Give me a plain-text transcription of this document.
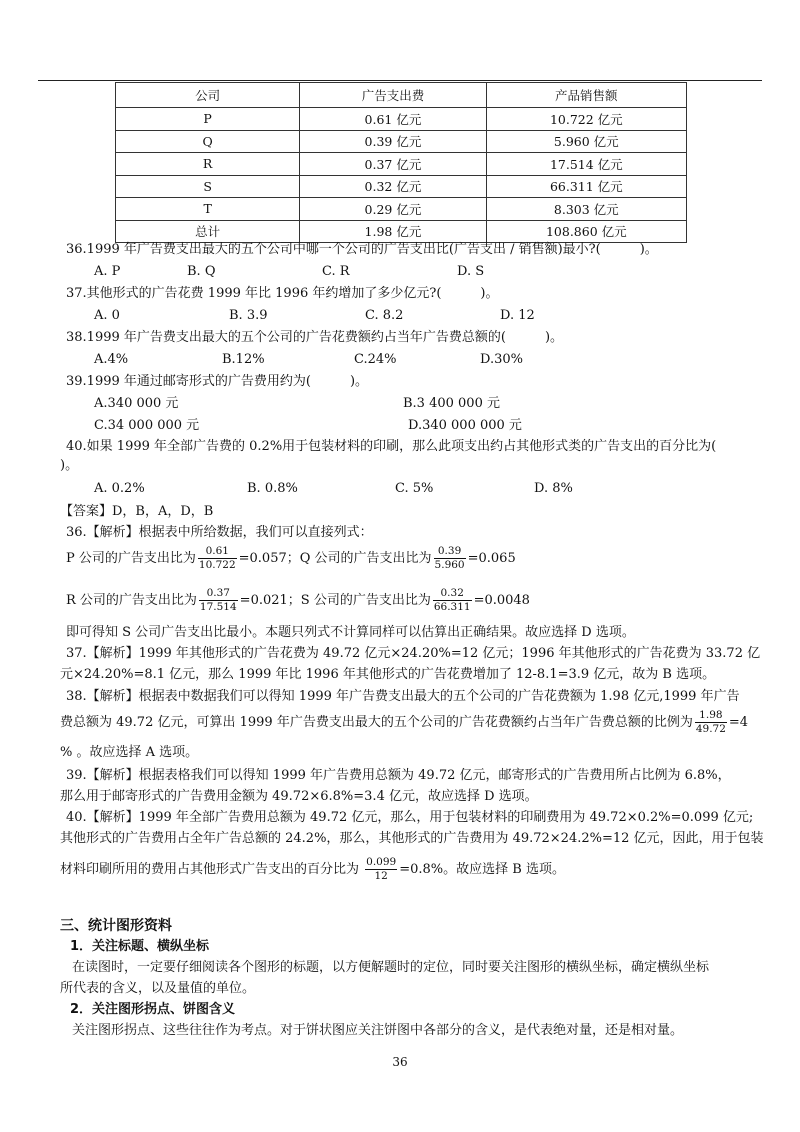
公司	广告支出费	产品销售额
P	0.61 亿元	10.722 亿元
Q	0.39 亿元	5.960 亿元
R	0.37 亿元	17.514 亿元
S	0.32 亿元	66.311 亿元
T	0.29 亿元	8.303 亿元
总计	1.98 亿元	108.860 亿元
36.1999 年广告费支出最大的五个公司中哪一个公司的广告支出比(广告支出 / 销售额)最小?(　　　)。
A. P	B. Q	C. R	D. S
37.其他形式的广告花费 1999 年比 1996 年约增加了多少亿元?(　　　)。
A. 0	B. 3.9	C. 8.2	D. 12
38.1999 年广告费支出最大的五个公司的广告花费额约占当年广告费总额的(　　　)。
A.4%	B.12%	C.24%	D.30%
39.1999 年通过邮寄形式的广告费用约为(　　　)。
A.340 000 元	B.3 400 000 元
C.34 000 000 元	D.340 000 000 元
40.如果 1999 年全部广告费的 0.2%用于包装材料的印刷，那么此项支出约占其他形式类的广告支出的百分比为(
)。
A. 0.2%	B. 0.8%	C. 5%	D. 8%
【答案】D，B，A，D，B
36.【解析】根据表中所给数据，我们可以直接列式：
P 公司的广告支出比为 $\frac{0.61}{10.722} =0.057$；Q 公司的广告支出比为 $\frac{0.39}{5.960} =0.065$
R 公司的广告支出比为 $\frac{0.37}{17.514} =0.021$；S 公司的广告支出比为 $\frac{0.32}{66.311} =0.0048$
即可得知 S 公司广告支出比最小。本题只列式不计算同样可以估算出正确结果。故应选择 D 选项。
37.【解析】1999 年其他形式的广告花费为 49.72 亿元×24.20%=12 亿元；1996 年其他形式的广告花费为 33.72 亿
元×24.20%=8.1 亿元，那么 1999 年比 1996 年其他形式的广告花费增加了 12-8.1=3.9 亿元，故为 B 选项。
38.【解析】根据表中数据我们可以得知 1999 年广告费支出最大的五个公司的广告花费额为 1.98 亿元,1999 年广告
费总额为 49.72 亿元，可算出 1999 年广告费支出最大的五个公司的广告花费额约占当年广告费总额的比例为 $\frac{1.98}{49.72} =4$
% 。故应选择 A 选项。
39.【解析】根据表格我们可以得知 1999 年广告费用总额为 49.72 亿元，邮寄形式的广告费用所占比例为 6.8%，
那么用于邮寄形式的广告费用金额为 49.72×6.8%=3.4 亿元，故应选择 D 选项。
40.【解析】1999 年全部广告费用总额为 49.72 亿元，那么，用于包装材料的印刷费用为 49.72×0.2%=0.099 亿元;
其他形式的广告费用占全年广告总额的 24.2%，那么，其他形式的广告费用为 49.72×24.2%=12 亿元，因此，用于包装
材料印刷所用的费用占其他形式广告支出的百分比为 $\frac{0.099}{12} =0.8\%$。故应选择 B 选项。
三、统计图形资料
1．关注标题、横纵坐标
在读图时，一定要仔细阅读各个图形的标题，以方便解题时的定位，同时要关注图形的横纵坐标，确定横纵坐标
所代表的含义，以及量值的单位。
2．关注图形拐点、饼图含义
关注图形拐点、这些往往作为考点。对于饼状图应关注饼图中各部分的含义，是代表绝对量，还是相对量。
36
